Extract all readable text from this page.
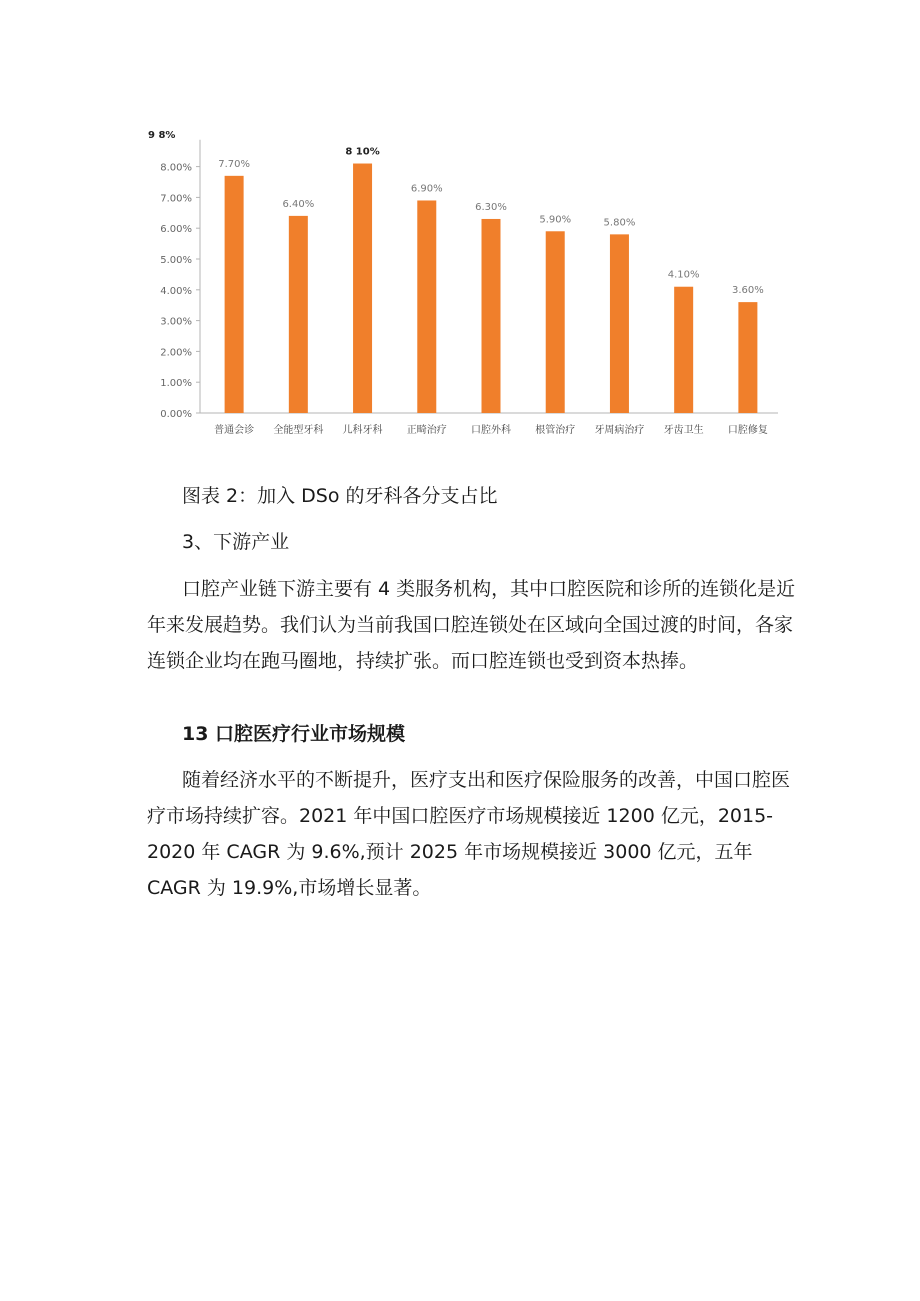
0.00%
1.00%
2.00%
3.00%
4.00%
5.00%
6.00%
7.00%
8.00%	7.70%
6.40%
8 10%
6.90%
6.30%
5.90%	5.80%
4.10%
3.60%
普通会诊 全能型牙科 儿科牙科 正畸治疗 口腔外科 根管治疗 牙周病治疗 牙齿卫生 口腔修复
9 8%

图表 2：加入 DSo 的牙科各分支占比

3、下游产业

口腔产业链下游主要有 4 类服务机构，其中口腔医院和诊所的连锁化是近年来发展趋势。我们认为当前我国口腔连锁处在区域向全国过渡的时间，各家连锁企业均在跑马圈地，持续扩张。而口腔连锁也受到资本热捧。

13 口腔医疗行业市场规模

随着经济水平的不断提升，医疗支出和医疗保险服务的改善，中国口腔医疗市场持续扩容。2021 年中国口腔医疗市场规模接近 1200 亿元，2015-2020 年 CAGR 为 9.6%,预计 2025 年市场规模接近 3000 亿元，五年 CAGR 为 19.9%,市场增长显著。
